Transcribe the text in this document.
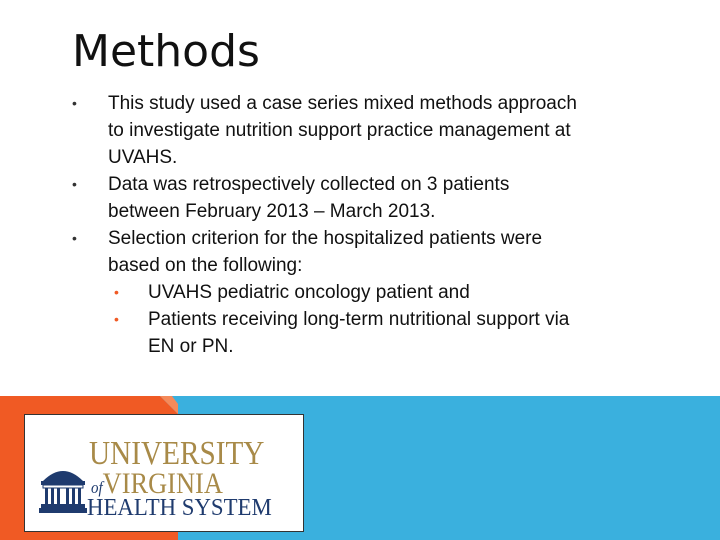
Methods
•	This study used a case series mixed methods approach
to investigate nutrition support practice management at
UVAHS.
•	Data was retrospectively collected on 3 patients
between February 2013 – March 2013.
•	Selection criterion for the hospitalized patients were
based on the following:
•	UVAHS pediatric oncology patient and
•	Patients receiving long-term nutritional support via
EN or PN.
UNIVERSITY
ofVIRGINIA
HEALTH SYSTEM
